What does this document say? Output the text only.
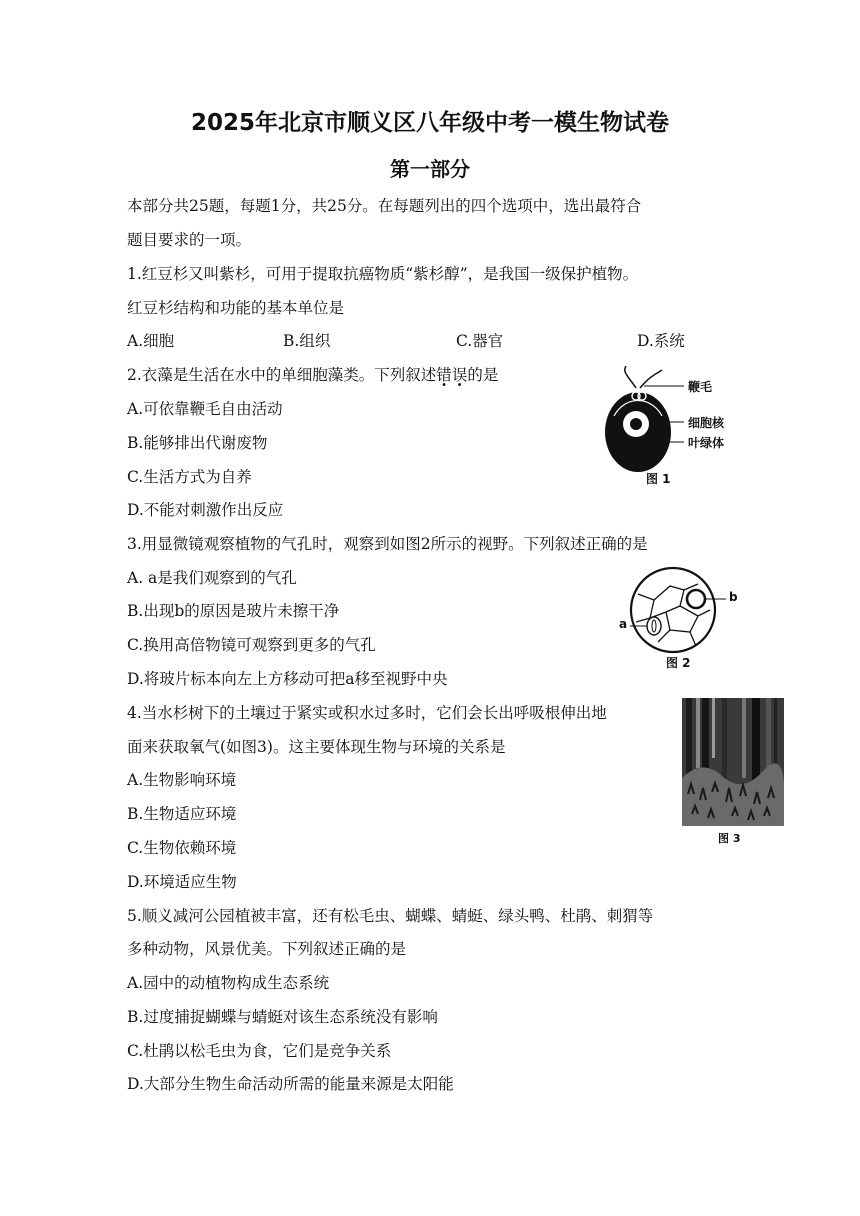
2025年北京市顺义区八年级中考一模生物试卷
第一部分
本部分共25题，每题1分，共25分。在每题列出的四个选项中，选出最符合
题目要求的一项。
1.红豆杉又叫紫杉，可用于提取抗癌物质“紫杉醇”，是我国一级保护植物。
红豆杉结构和功能的基本单位是
A.细胞	B.组织	C.器官	D.系统
2.衣藻是生活在水中的单细胞藻类。下列叙述错误的是
A.可依靠鞭毛自由活动
B.能够排出代谢废物
C.生活方式为自养
D.不能对刺激作出反应
鞭毛
细胞核
叶绿体
图 1
3.用显微镜观察植物的气孔时，观察到如图2所示的视野。下列叙述正确的是
A. a是我们观察到的气孔
B.出现b的原因是玻片未擦干净
C.换用高倍物镜可观察到更多的气孔
D.将玻片标本向左上方移动可把a移至视野中央
b
a
图 2
4.当水杉树下的土壤过于紧实或积水过多时，它们会长出呼吸根伸出地
面来获取氧气(如图3)。这主要体现生物与环境的关系是
A.生物影响环境
B.生物适应环境
C.生物依赖环境
D.环境适应生物
图 3
5.顺义减河公园植被丰富，还有松毛虫、蝴蝶、蜻蜓、绿头鸭、杜鹃、刺猬等
多种动物，风景优美。下列叙述正确的是
A.园中的动植物构成生态系统
B.过度捕捉蝴蝶与蜻蜓对该生态系统没有影响
C.杜鹃以松毛虫为食，它们是竞争关系
D.大部分生物生命活动所需的能量来源是太阳能
